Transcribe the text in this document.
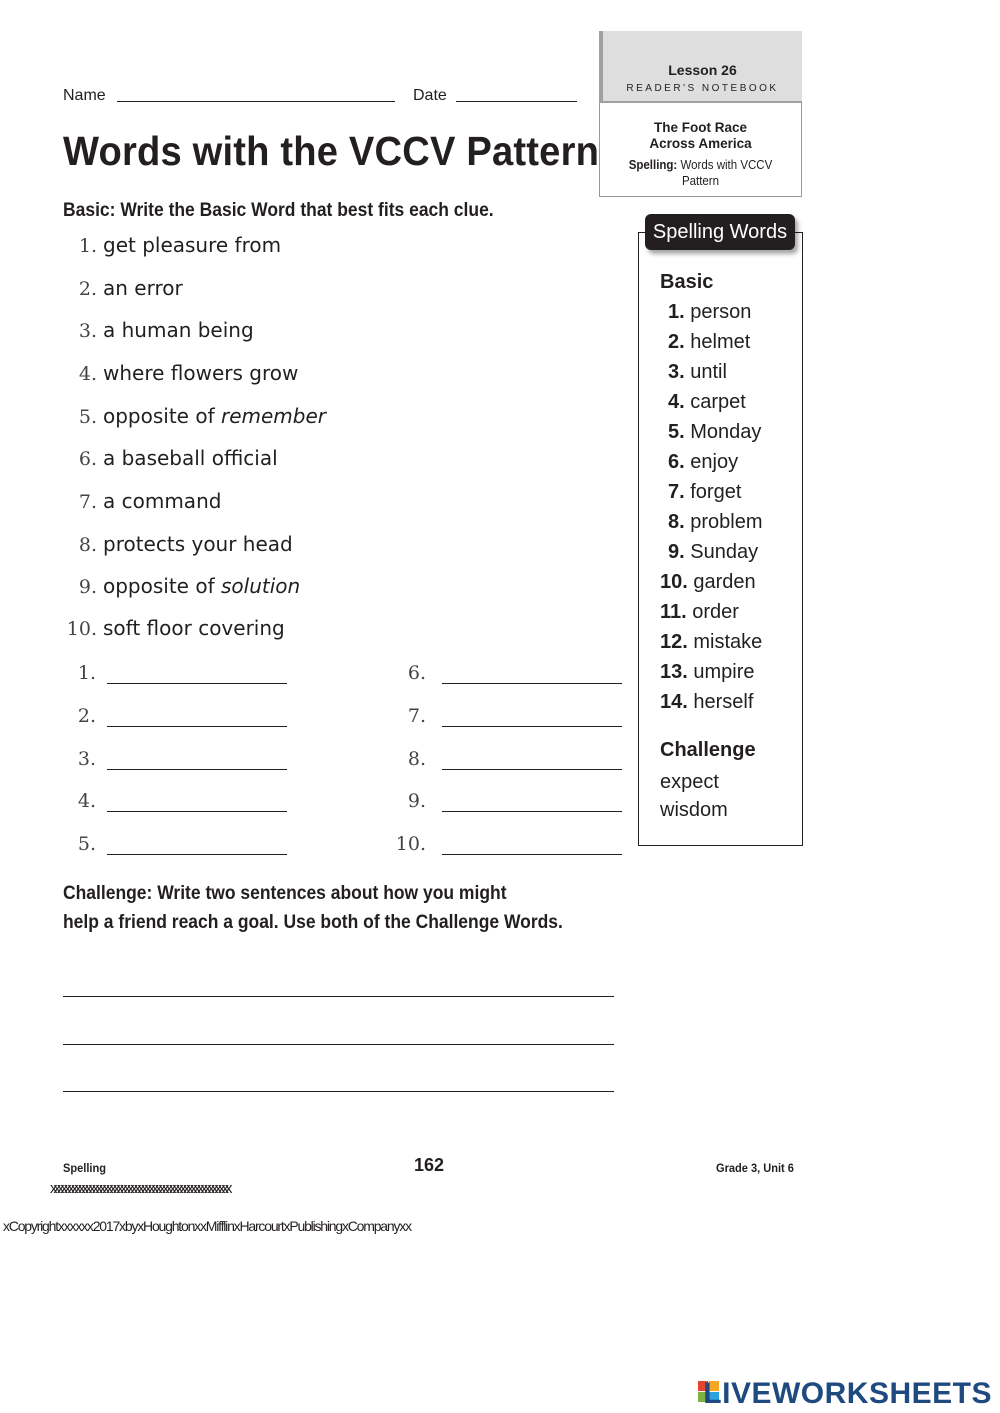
Name	Date
Lesson 26
READER'S NOTEBOOK
The Foot Race
Across America
Spelling: Words with VCCV
Pattern
Words with the VCCV Pattern
Basic: Write the Basic Word that best fits each clue.
1. get pleasure from
2. an error
3. a human being
4. where flowers grow
5. opposite of remember
6. a baseball official
7. a command
8. protects your head
9. opposite of solution
10. soft floor covering
1.
2.
3.
4.
5.
6.
7.
8.
9.
10.
Spelling Words
Basic
1. person
2. helmet
3. until
4. carpet
5. Monday
6. enjoy
7. forget
8. problem
9. Sunday
10. garden
11. order
12. mistake
13. umpire
14. herself
Challenge
expect
wisdom
Challenge: Write two sentences about how you might
help a friend reach a goal. Use both of the Challenge Words.
Spelling	162	Grade 3, Unit 6
xxxxxxxxxxxxxxxxxxxxxxxxxxxxxxxxxxxxxxxxxxxxxxxxxxx
xCopyrightxxxxxx2017xbyxHoughtonxxMifflinxHarcourtxPublishingxCompanyxx
LIVEWORKSHEETS
